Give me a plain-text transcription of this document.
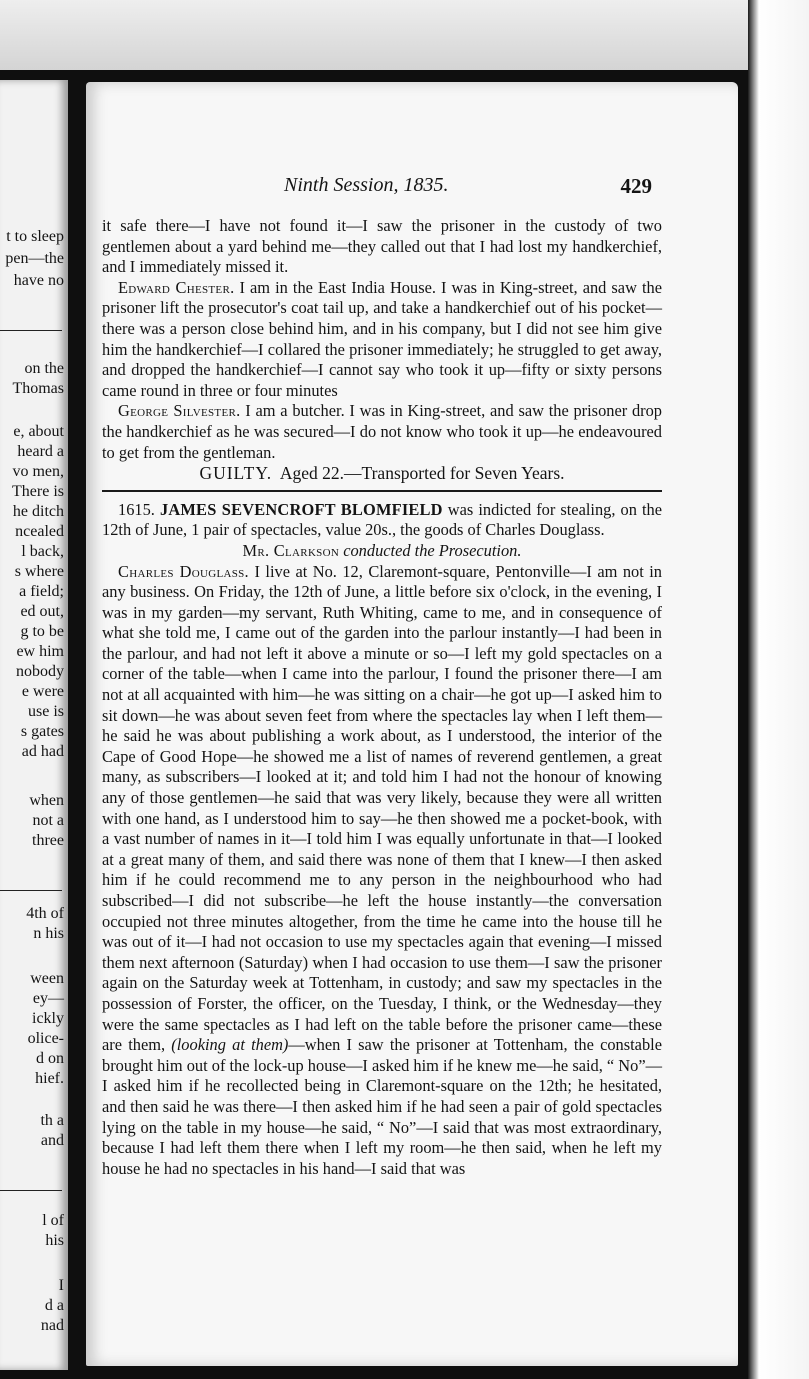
t to sleep
pen—the
have no
on the
Thomas
e, about
heard a
vo men,
There is
he ditch
ncealed
l back,
s where
a field;
ed out,
g to be
ew him
nobody
e were
use is
s gates
ad had
when
not a
three
4th of
n his
ween
ey—
ickly
olice-
d on
hief.
th a
and
l of
his
I
d a
nad
Ninth Session, 1835.	429

it safe there—I have not found it—I saw the prisoner in the custody of two gentlemen about a yard behind me—they called out that I had lost my handkerchief, and I immediately missed it.

Edward Chester. I am in the East India House. I was in King-street, and saw the prisoner lift the prosecutor's coat tail up, and take a handkerchief out of his pocket—there was a person close behind him, and in his company, but I did not see him give him the handkerchief—I collared the prisoner immediately; he struggled to get away, and dropped the handkerchief—I cannot say who took it up—fifty or sixty persons came round in three or four minutes

George Silvester. I am a butcher. I was in King-street, and saw the prisoner drop the handkerchief as he was secured—I do not know who took it up—he endeavoured to get from the gentleman.

GUILTY. Aged 22.—Transported for Seven Years.

1615. JAMES SEVENCROFT BLOMFIELD was indicted for stealing, on the 12th of June, 1 pair of spectacles, value 20s., the goods of Charles Douglass.

Mr. Clarkson conducted the Prosecution.

Charles Douglass. I live at No. 12, Claremont-square, Pentonville—I am not in any business. On Friday, the 12th of June, a little before six o'clock, in the evening, I was in my garden—my servant, Ruth Whiting, came to me, and in consequence of what she told me, I came out of the garden into the parlour instantly—I had been in the parlour, and had not left it above a minute or so—I left my gold spectacles on a corner of the table—when I came into the parlour, I found the prisoner there—I am not at all acquainted with him—he was sitting on a chair—he got up—I asked him to sit down—he was about seven feet from where the spectacles lay when I left them—he said he was about publishing a work about, as I understood, the interior of the Cape of Good Hope—he showed me a list of names of reverend gentlemen, a great many, as subscribers—I looked at it; and told him I had not the honour of knowing any of those gentlemen—he said that was very likely, because they were all written with one hand, as I understood him to say—he then showed me a pocket-book, with a vast number of names in it—I told him I was equally unfortunate in that—I looked at a great many of them, and said there was none of them that I knew—I then asked him if he could recommend me to any person in the neighbourhood who had subscribed—I did not subscribe—he left the house instantly—the conversation occupied not three minutes altogether, from the time he came into the house till he was out of it—I had not occasion to use my spectacles again that evening—I missed them next afternoon (Saturday) when I had occasion to use them—I saw the prisoner again on the Saturday week at Tottenham, in custody; and saw my spectacles in the possession of Forster, the officer, on the Tuesday, I think, or the Wednesday—they were the same spectacles as I had left on the table before the prisoner came—these are them, (looking at them)—when I saw the prisoner at Tottenham, the constable brought him out of the lock-up house—I asked him if he knew me—he said, “ No”—I asked him if he recollected being in Claremont-square on the 12th; he hesitated, and then said he was there—I then asked him if he had seen a pair of gold spectacles lying on the table in my house—he said, “ No”—I said that was most extraordinary, because I had left them there when I left my room—he then said, when he left my house he had no spectacles in his hand—I said that was
